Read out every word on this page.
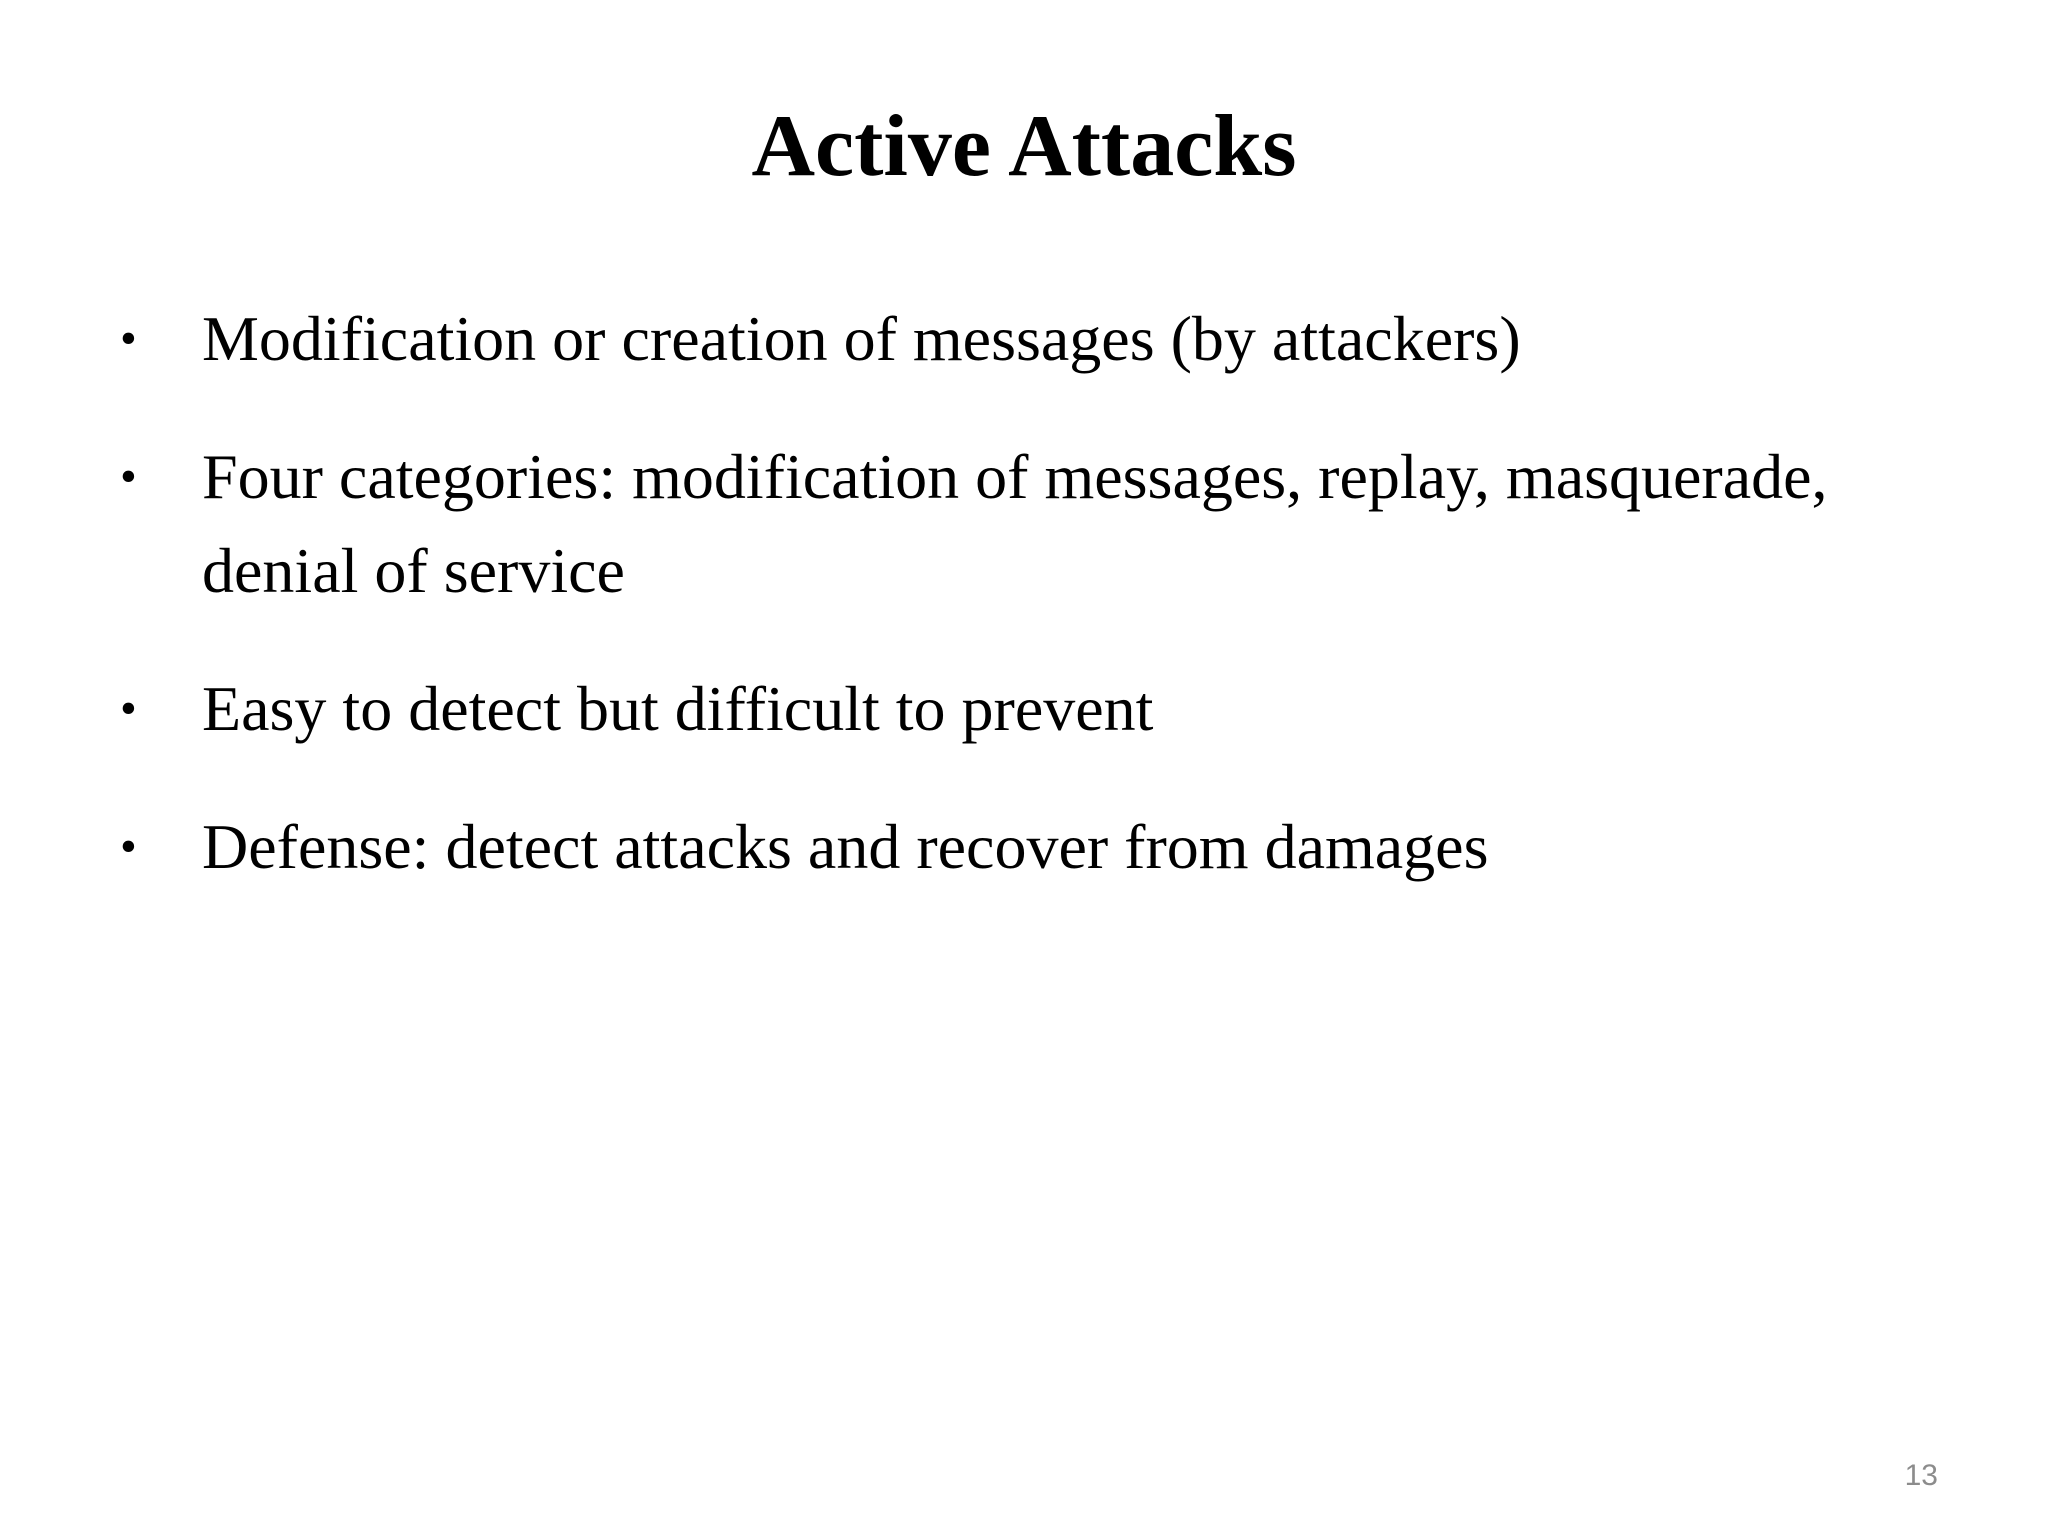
Active Attacks
• Modification or creation of messages (by attackers)
• Four categories: modification of messages, replay, masquerade, denial of service
• Easy to detect but difficult to prevent
• Defense: detect attacks and recover from damages
13
